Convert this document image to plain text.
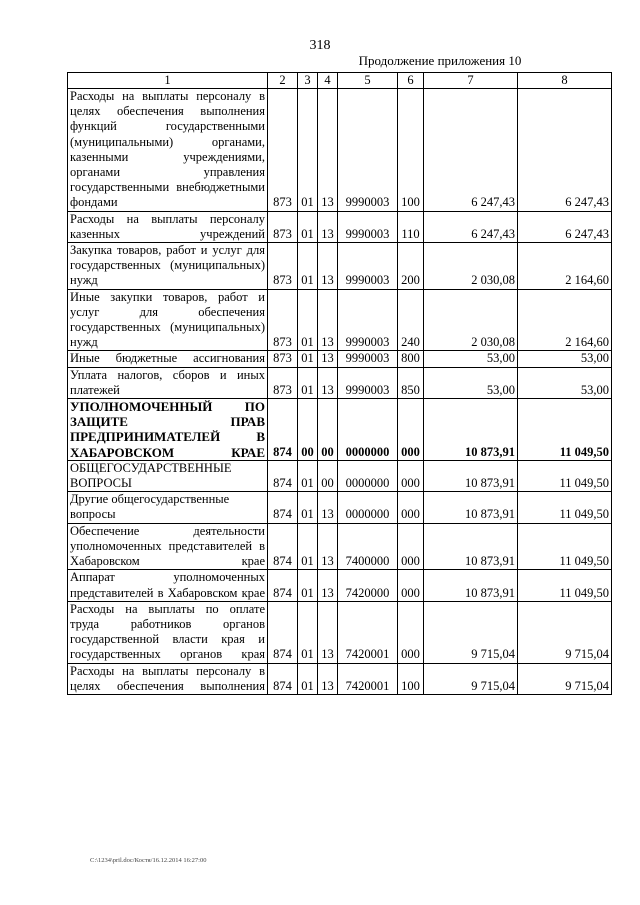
318
Продолжение приложения 10
1	2	3	4	5	6	7	8
Расходы на выплаты персоналу в целях обеспечения выполнения функций государственными (муниципальными) органами, казенными учреждениями, органами управления государственными внебюджетными фондами	873	01	13	9990003	100	6 247,43	6 247,43
Расходы на выплаты персоналу казенных учреждений	873	01	13	9990003	110	6 247,43	6 247,43
Закупка товаров, работ и услуг для государственных (муниципальных) нужд	873	01	13	9990003	200	2 030,08	2 164,60
Иные закупки товаров, работ и услуг для обеспечения государственных (муниципальных) нужд	873	01	13	9990003	240	2 030,08	2 164,60
Иные бюджетные ассигнования	873	01	13	9990003	800	53,00	53,00
Уплата налогов, сборов и иных платежей	873	01	13	9990003	850	53,00	53,00
УПОЛНОМОЧЕННЫЙ ПО ЗАЩИТЕ ПРАВ ПРЕДПРИНИМАТЕЛЕЙ В ХАБАРОВСКОМ КРАЕ	874	00	00	0000000	000	10 873,91	11 049,50
ОБЩЕГОСУДАРСТВЕННЫЕ ВОПРОСЫ	874	01	00	0000000	000	10 873,91	11 049,50
Другие общегосударственные вопросы	874	01	13	0000000	000	10 873,91	11 049,50
Обеспечение деятельности уполномоченных представителей в Хабаровском крае	874	01	13	7400000	000	10 873,91	11 049,50
Аппарат уполномоченных представителей в Хабаровском крае	874	01	13	7420000	000	10 873,91	11 049,50
Расходы на выплаты по оплате труда работников органов государственной власти края и государственных органов края	874	01	13	7420001	000	9 715,04	9 715,04
Расходы на выплаты персоналу в целях обеспечения выполнения	874	01	13	7420001	100	9 715,04	9 715,04
C:\1234\pril.doc/Костя/16.12.2014 16:27:00
